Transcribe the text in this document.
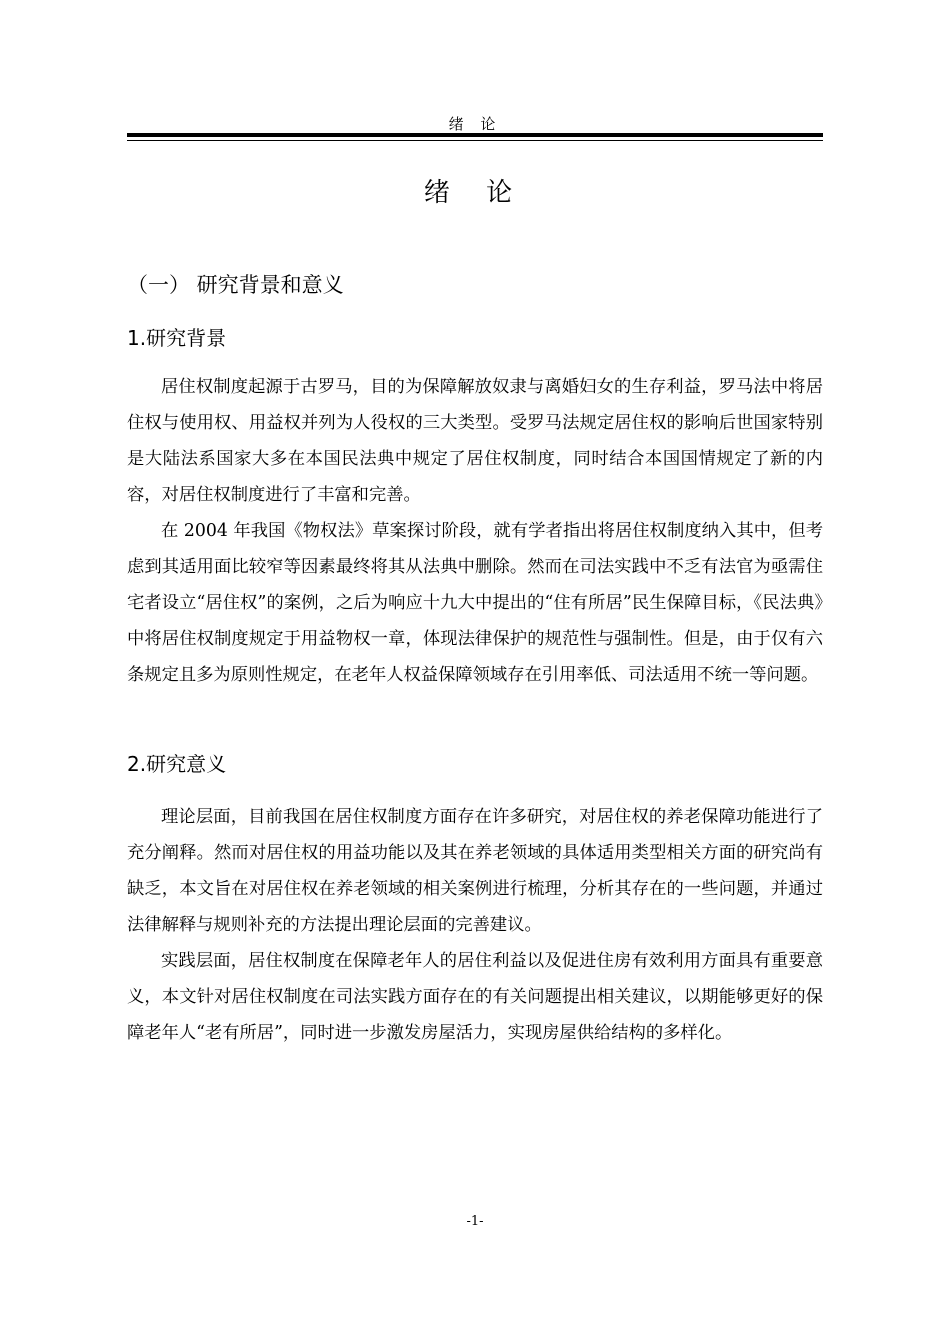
绪 论
绪 论
（一） 研究背景和意义
1.研究背景

居住权制度起源于古罗马，目的为保障解放奴隶与离婚妇女的生存利益，罗马法中将居住权与使用权、用益权并列为人役权的三大类型。受罗马法规定居住权的影响后世国家特别是大陆法系国家大多在本国民法典中规定了居住权制度，同时结合本国国情规定了新的内容，对居住权制度进行了丰富和完善。

在 2004 年我国《物权法》草案探讨阶段，就有学者指出将居住权制度纳入其中，但考虑到其适用面比较窄等因素最终将其从法典中删除。然而在司法实践中不乏有法官为亟需住宅者设立“居住权”的案例，之后为响应十九大中提出的“住有所居”民生保障目标，《民法典》中将居住权制度规定于用益物权一章，体现法律保护的规范性与强制性。但是，由于仅有六条规定且多为原则性规定，在老年人权益保障领域存在引用率低、司法适用不统一等问题。

2.研究意义

理论层面，目前我国在居住权制度方面存在许多研究，对居住权的养老保障功能进行了充分阐释。然而对居住权的用益功能以及其在养老领域的具体适用类型相关方面的研究尚有缺乏，本文旨在对居住权在养老领域的相关案例进行梳理，分析其存在的一些问题，并通过法律解释与规则补充的方法提出理论层面的完善建议。

实践层面，居住权制度在保障老年人的居住利益以及促进住房有效利用方面具有重要意义，本文针对居住权制度在司法实践方面存在的有关问题提出相关建议，以期能够更好的保障老年人“老有所居”，同时进一步激发房屋活力，实现房屋供给结构的多样化。

-1-
